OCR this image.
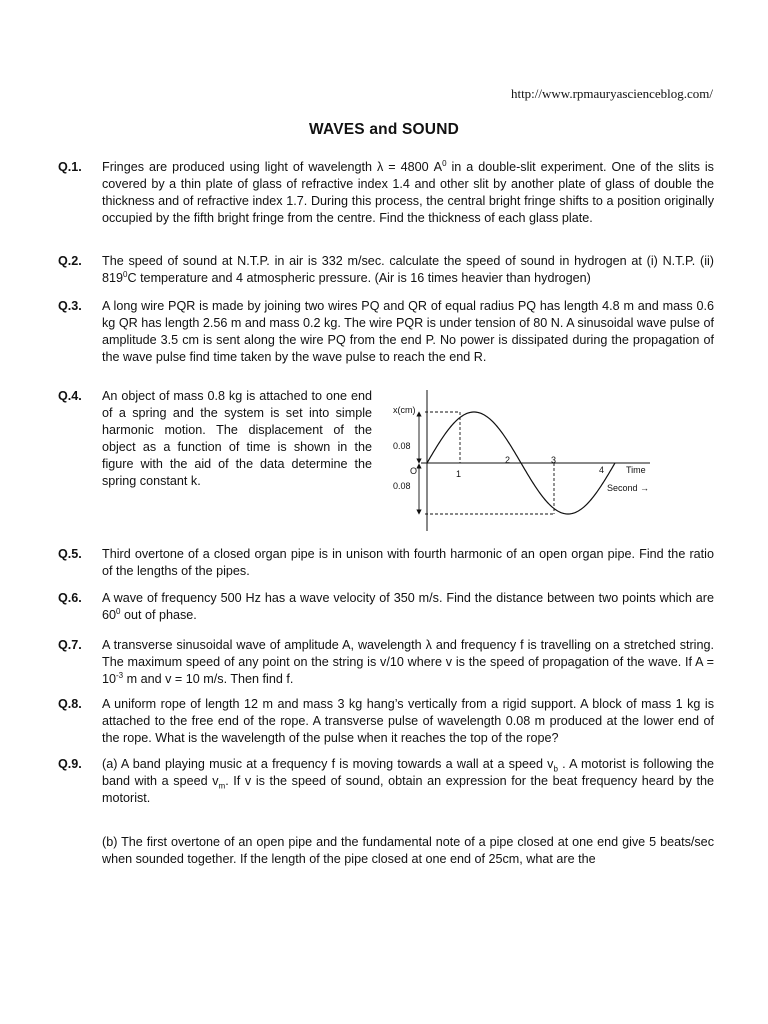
http://www.rpmauryascienceblog.com/
WAVES and SOUND
Q.1.	Fringes are produced using light of wavelength λ = 4800 $A^0$ in a double-slit experiment. One of the slits is covered by a thin plate of glass of refractive index 1.4 and other slit by another plate of glass of double the thickness and of refractive index 1.7. During this process, the central bright fringe shifts to a position originally occupied by the fifth bright fringe from the centre. Find the thickness of each glass plate.
Q.2.	The speed of sound at N.T.P. in air is 332 m/sec. calculate the speed of sound in hydrogen at (i) N.T.P. (ii) $819^0C$ temperature and 4 atmospheric pressure. (Air is 16 times heavier than hydrogen)
Q.3.	A long wire PQR is made by joining two wires PQ and QR of equal radius PQ has length 4.8 m and mass 0.6 kg QR has length 2.56 m and mass 0.2 kg. The wire PQR is under tension of 80 N. A sinusoidal wave pulse of amplitude 3.5 cm is sent along the wire PQ from the end P. No power is dissipated during the propagation of the wave pulse find time taken by the wave pulse to reach the end R.
Q.4.	An object of mass 0.8 kg is attached to one end of a spring and the system is set into simple harmonic motion. The displacement of the object as a function of time is shown in the figure with the aid of the data determine the spring constant k.
x(cm)
0.08
0.08
O	1
2	3
4 Time
Second →
Q.5.	Third overtone of a closed organ pipe is in unison with fourth harmonic of an open organ pipe. Find the ratio of the lengths of the pipes.
Q.6.	A wave of frequency 500 Hz has a wave velocity of 350 m/s. Find the distance between two points which are $60^0$ out of phase.
Q.7.	A transverse sinusoidal wave of amplitude A, wavelength λ and frequency f is travelling on a stretched string. The maximum speed of any point on the string is v/10 where v is the speed of propagation of the wave. If $A = 10^{-3}$ m and v = 10 m/s. Then find f.
Q.8.	A uniform rope of length 12 m and mass 3 kg hang’s vertically from a rigid support. A block of mass 1 kg is attached to the free end of the rope. A transverse pulse of wavelength 0.08 m produced at the lower end of the rope. What is the wavelength of the pulse when it reaches the top of the rope?
Q.9.	(a) A band playing music at a frequency f is moving towards a wall at a speed $v_b$ . A motorist is following the band with a speed $v_m$. If v is the speed of sound, obtain an expression for the beat frequency heard by the motorist.

(b) The first overtone of an open pipe and the fundamental note of a pipe closed at one end give 5 beats/sec when sounded together. If the length of the pipe closed at one end of 25cm, what are the
